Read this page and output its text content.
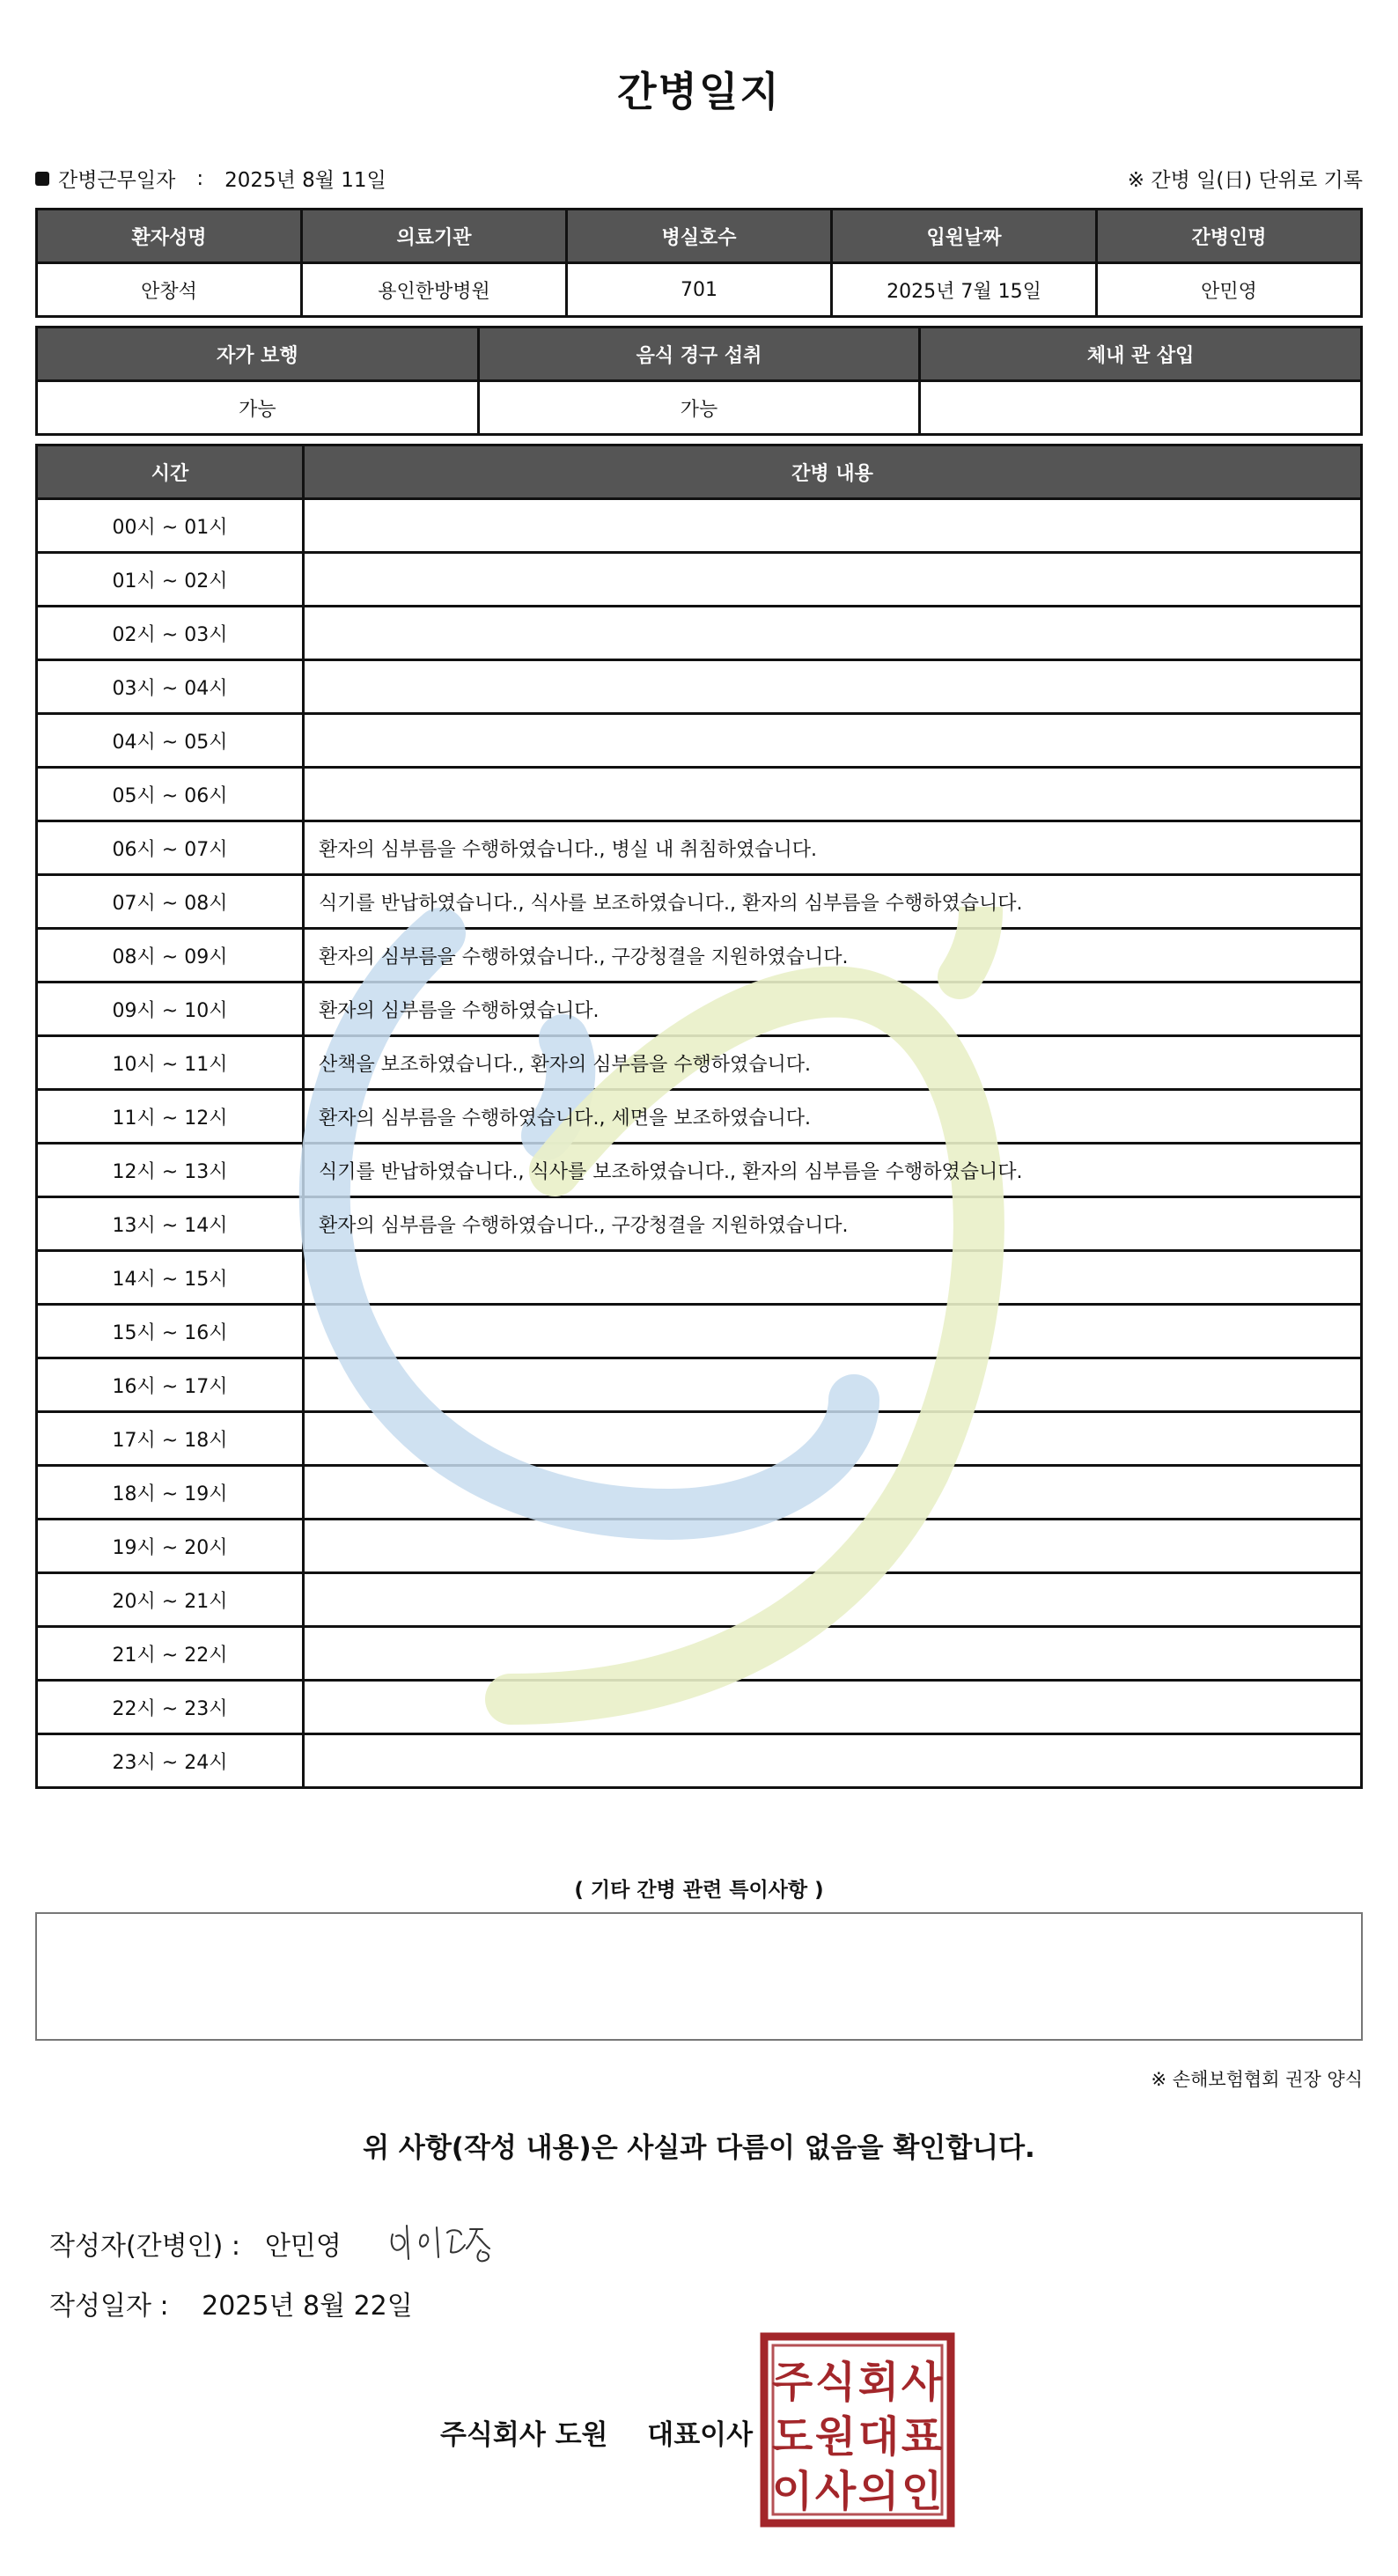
간병일지
간병근무일자 : 2025년 8월 11일	※ 간병 일(日) 단위로 기록
환자성명	의료기관	병실호수	입원날짜	간병인명
안창석	용인한방병원	701	2025년 7월 15일	안민영
자가 보행	음식 경구 섭취	체내 관 삽입
가능	가능	
시간	간병 내용
00시 ~ 01시	
01시 ~ 02시	
02시 ~ 03시	
03시 ~ 04시	
04시 ~ 05시	
05시 ~ 06시	
06시 ~ 07시	환자의 심부름을 수행하였습니다., 병실 내 취침하였습니다.
07시 ~ 08시	식기를 반납하였습니다., 식사를 보조하였습니다., 환자의 심부름을 수행하였습니다.
08시 ~ 09시	환자의 심부름을 수행하였습니다., 구강청결을 지원하였습니다.
09시 ~ 10시	환자의 심부름을 수행하였습니다.
10시 ~ 11시	산책을 보조하였습니다., 환자의 심부름을 수행하였습니다.
11시 ~ 12시	환자의 심부름을 수행하였습니다., 세면을 보조하였습니다.
12시 ~ 13시	식기를 반납하였습니다., 식사를 보조하였습니다., 환자의 심부름을 수행하였습니다.
13시 ~ 14시	환자의 심부름을 수행하였습니다., 구강청결을 지원하였습니다.
14시 ~ 15시	
15시 ~ 16시	
16시 ~ 17시	
17시 ~ 18시	
18시 ~ 19시	
19시 ~ 20시	
20시 ~ 21시	
21시 ~ 22시	
22시 ~ 23시	
23시 ~ 24시	
( 기타 간병 관련 특이사항 )
※ 손해보험협회 권장 양식
위 사항(작성 내용)은 사실과 다름이 없음을 확인합니다.
작성자(간병인) : 안민영
작성일자 : 2025년 8월 22일
주식회사 도원 대표이사
주 식 회 사
도 원 대 표
이 사 의 인
